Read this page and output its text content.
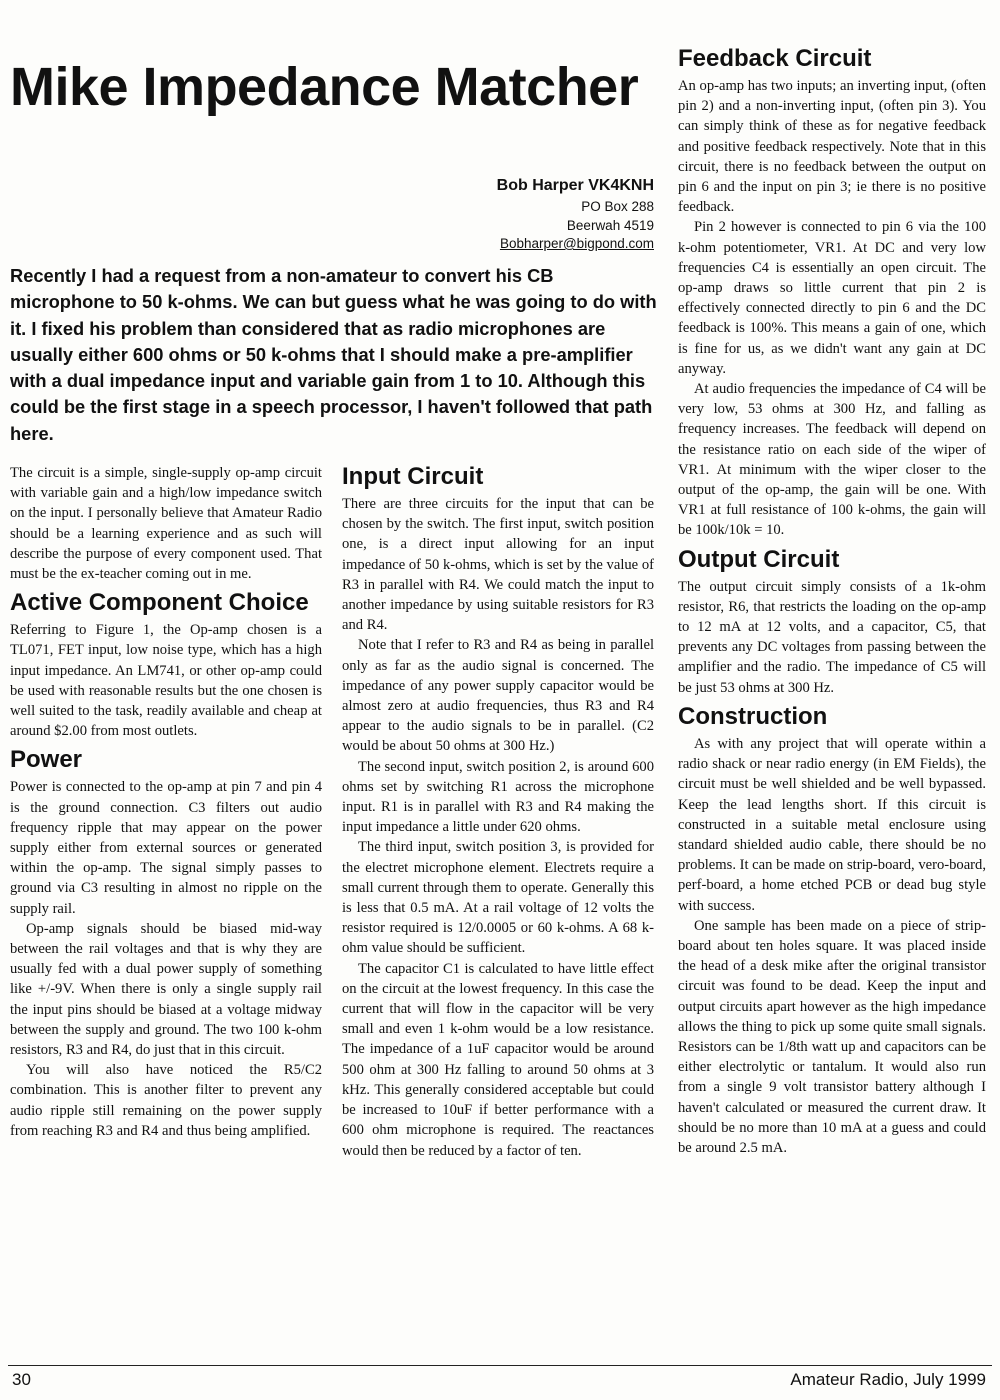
Mike Impedance Matcher
Bob Harper VK4KNH
PO Box 288
Beerwah 4519
Bobharper@bigpond.com
Recently I had a request from a non-amateur to convert his CB microphone to 50 k-ohms. We can but guess what he was going to do with it. I fixed his problem than considered that as radio microphones are usually either 600 ohms or 50 k-ohms that I should make a pre-amplifier with a dual impedance input and variable gain from 1 to 10. Although this could be the first stage in a speech processor, I haven't followed that path here.

The circuit is a simple, single-supply op-amp circuit with variable gain and a high/low impedance switch on the input. I personally believe that Amateur Radio should be a learning experience and as such will describe the purpose of every component used. That must be the ex-teacher coming out in me.

Active Component Choice

Referring to Figure 1, the Op-amp chosen is a TL071, FET input, low noise type, which has a high input impedance. An LM741, or other op-amp could be used with reasonable results but the one chosen is well suited to the task, readily available and cheap at around $2.00 from most outlets.

Power

Power is connected to the op-amp at pin 7 and pin 4 is the ground connection. C3 filters out audio frequency ripple that may appear on the power supply either from external sources or generated within the op-amp. The signal simply passes to ground via C3 resulting in almost no ripple on the supply rail.

Op-amp signals should be biased mid-way between the rail voltages and that is why they are usually fed with a dual power supply of something like +/-9V. When there is only a single supply rail the input pins should be biased at a voltage midway between the supply and ground. The two 100 k-ohm resistors, R3 and R4, do just that in this circuit.

You will also have noticed the R5/C2 combination. This is another filter to prevent any audio ripple still remaining on the power supply from reaching R3 and R4 and thus being amplified.

Input Circuit

There are three circuits for the input that can be chosen by the switch. The first input, switch position one, is a direct input allowing for an input impedance of 50 k-ohms, which is set by the value of R3 in parallel with R4. We could match the input to another impedance by using suitable resistors for R3 and R4.

Note that I refer to R3 and R4 as being in parallel only as far as the audio signal is concerned. The impedance of any power supply capacitor would be almost zero at audio frequencies, thus R3 and R4 appear to the audio signals to be in parallel. (C2 would be about 50 ohms at 300 Hz.)

The second input, switch position 2, is around 600 ohms set by switching R1 across the microphone input. R1 is in parallel with R3 and R4 making the input impedance a little under 620 ohms.

The third input, switch position 3, is provided for the electret microphone element. Electrets require a small current through them to operate. Generally this is less that 0.5 mA. At a rail voltage of 12 volts the resistor required is 12/0.0005 or 60 k-ohms. A 68 k-ohm value should be sufficient.

The capacitor C1 is calculated to have little effect on the circuit at the lowest frequency. In this case the current that will flow in the capacitor will be very small and even 1 k-ohm would be a low resistance. The impedance of a 1uF capacitor would be around 500 ohm at 300 Hz falling to around 50 ohms at 3 kHz. This generally considered acceptable but could be increased to 10uF if better performance with a 600 ohm microphone is required. The reactances would then be reduced by a factor of ten.

Feedback Circuit

An op-amp has two inputs; an inverting input, (often pin 2) and a non-inverting input, (often pin 3). You can simply think of these as for negative feedback and positive feedback respectively. Note that in this circuit, there is no feedback between the output on pin 6 and the input on pin 3; ie there is no positive feedback.

Pin 2 however is connected to pin 6 via the 100 k-ohm potentiometer, VR1. At DC and very low frequencies C4 is essentially an open circuit. The op-amp draws so little current that pin 2 is effectively connected directly to pin 6 and the DC feedback is 100%. This means a gain of one, which is fine for us, as we didn't want any gain at DC anyway.

At audio frequencies the impedance of C4 will be very low, 53 ohms at 300 Hz, and falling as frequency increases. The feedback will depend on the resistance ratio on each side of the wiper of VR1. At minimum with the wiper closer to the output of the op-amp, the gain will be one. With VR1 at full resistance of 100 k-ohms, the gain will be 100k/10k = 10.

Output Circuit

The output circuit simply consists of a 1k-ohm resistor, R6, that restricts the loading on the op-amp to 12 mA at 12 volts, and a capacitor, C5, that prevents any DC voltages from passing between the amplifier and the radio. The impedance of C5 will be just 53 ohms at 300 Hz.

Construction

As with any project that will operate within a radio shack or near radio energy (in EM Fields), the circuit must be well shielded and be well bypassed. Keep the lead lengths short. If this circuit is constructed in a suitable metal enclosure using standard shielded audio cable, there should be no problems. It can be made on strip-board, vero-board, perf-board, a home etched PCB or dead bug style with success.

One sample has been made on a piece of strip-board about ten holes square. It was placed inside the head of a desk mike after the original transistor circuit was found to be dead. Keep the input and output circuits apart however as the high impedance allows the thing to pick up some quite small signals. Resistors can be 1/8th watt up and capacitors can be either electrolytic or tantalum. It would also run from a single 9 volt transistor battery although I haven't calculated or measured the current draw. It should be no more than 10 mA at a guess and could be around 2.5 mA.

30	Amateur Radio, July 1999
